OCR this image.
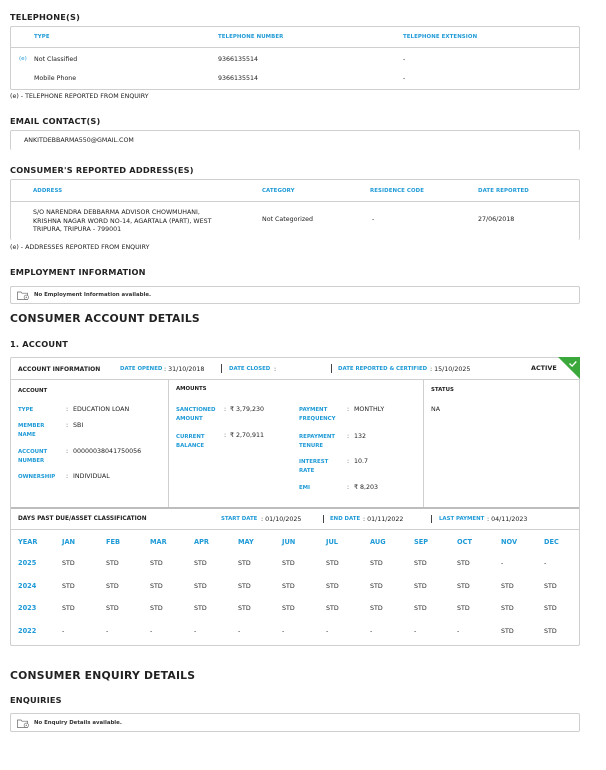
TELEPHONE(S)
TYPE	TELEPHONE NUMBER	TELEPHONE EXTENSION
(e) Not Classified	9366135514	-
Mobile Phone	9366135514	-
(e) - TELEPHONE REPORTED FROM ENQUIRY
EMAIL CONTACT(S)
ANKITDEBBARMA550@GMAIL.COM
CONSUMER'S REPORTED ADDRESS(ES)
ADDRESS	CATEGORY	RESIDENCE CODE	DATE REPORTED
S/O NARENDRA DEBBARMA ADVISOR CHOWMUHANI,
KRISHNA NAGAR WORD NO-14, AGARTALA (PART), WEST
TRIPURA, TRIPURA - 799001
Not Categorized	-	27/06/2018
(e) - ADDRESSES REPORTED FROM ENQUIRY
EMPLOYMENT INFORMATION
No Employment Information available.
CONSUMER ACCOUNT DETAILS
1. ACCOUNT
ACCOUNT INFORMATION	DATE OPENED : 31/10/2018	DATE CLOSED :	DATE REPORTED & CERTIFIED : 15/10/2025	ACTIVE
ACCOUNT
TYPE	: EDUCATION LOAN
MEMBER
NAME
: SBI
ACCOUNT
NUMBER
: 00000038041750056
OWNERSHIP : INDIVIDUAL
AMOUNTS
SANCTIONED
AMOUNT
: ₹ 3,79,230
CURRENT
BALANCE
: ₹ 2,70,911
PAYMENT
FREQUENCY
: MONTHLY
REPAYMENT
TENURE
: 132
INTEREST
RATE
: 10.7
EMI	: ₹ 8,203
STATUS
NA
DAYS PAST DUE/ASSET CLASSIFICATION	START DATE : 01/10/2025	END DATE : 01/11/2022	LAST PAYMENT : 04/11/2023
YEAR	JAN	FEB	MAR	APR	MAY	JUN	JUL	AUG	SEP	OCT	NOV	DEC
2025	STD	STD	STD	STD	STD	STD	STD	STD	STD	STD	-	-
2024	STD	STD	STD	STD	STD	STD	STD	STD	STD	STD	STD	STD
2023	STD	STD	STD	STD	STD	STD	STD	STD	STD	STD	STD	STD
2022	-	-	-	-	-	-	-	-	-	-	STD	STD
CONSUMER ENQUIRY DETAILS
ENQUIRIES
No Enquiry Details available.
